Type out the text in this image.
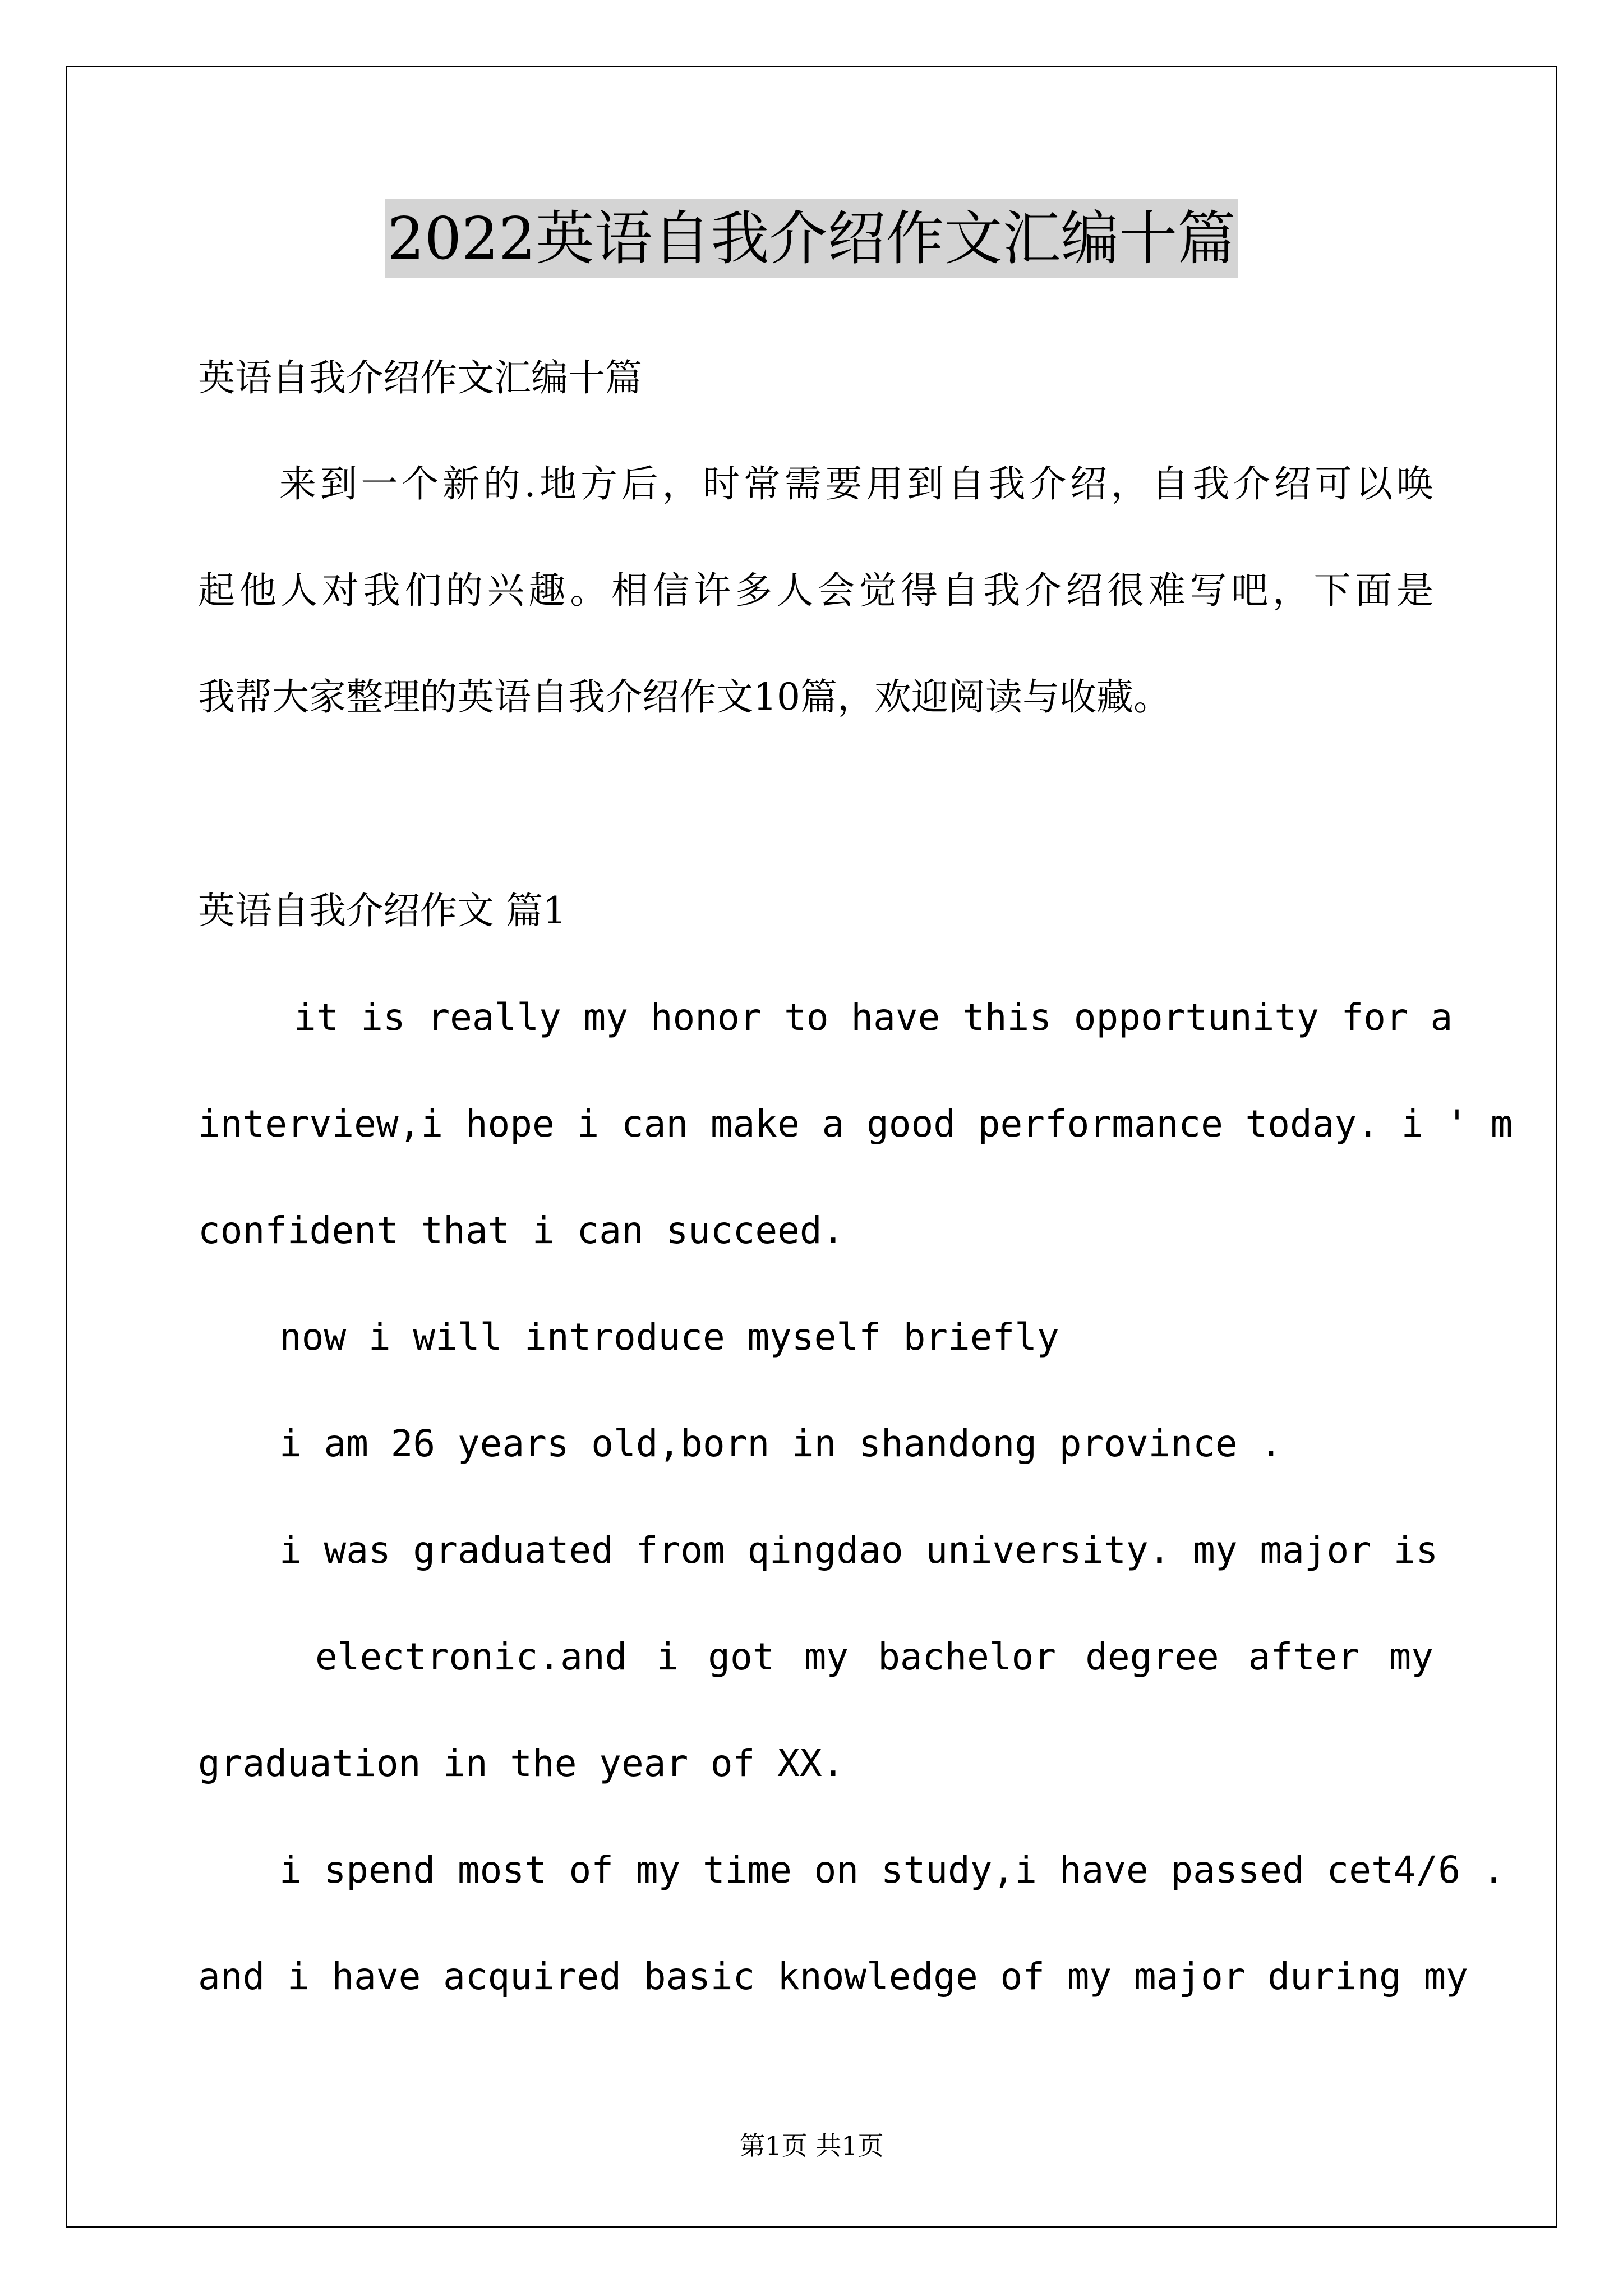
2022英语自我介绍作文汇编十篇

英语自我介绍作文汇编十篇

来到一个新的.地方后，时常需要用到自我介绍，自我介绍可以唤

起他人对我们的兴趣。相信许多人会觉得自我介绍很难写吧，下面是

我帮大家整理的英语自我介绍作文10篇，欢迎阅读与收藏。

英语自我介绍作文 篇1

it is really my honor to have this opportunity for a

interview,i hope i can make a good performance today. i ' m

confident that i can succeed.

now i will introduce myself briefly

i am 26 years old,born in shandong province .

i was graduated from qingdao university. my major is

electronic.and i got my bachelor degree after my

graduation in the year of XX.

i spend most of my time on study,i have passed cet4/6 .

and i have acquired basic knowledge of my major during my

第1页 共1页
